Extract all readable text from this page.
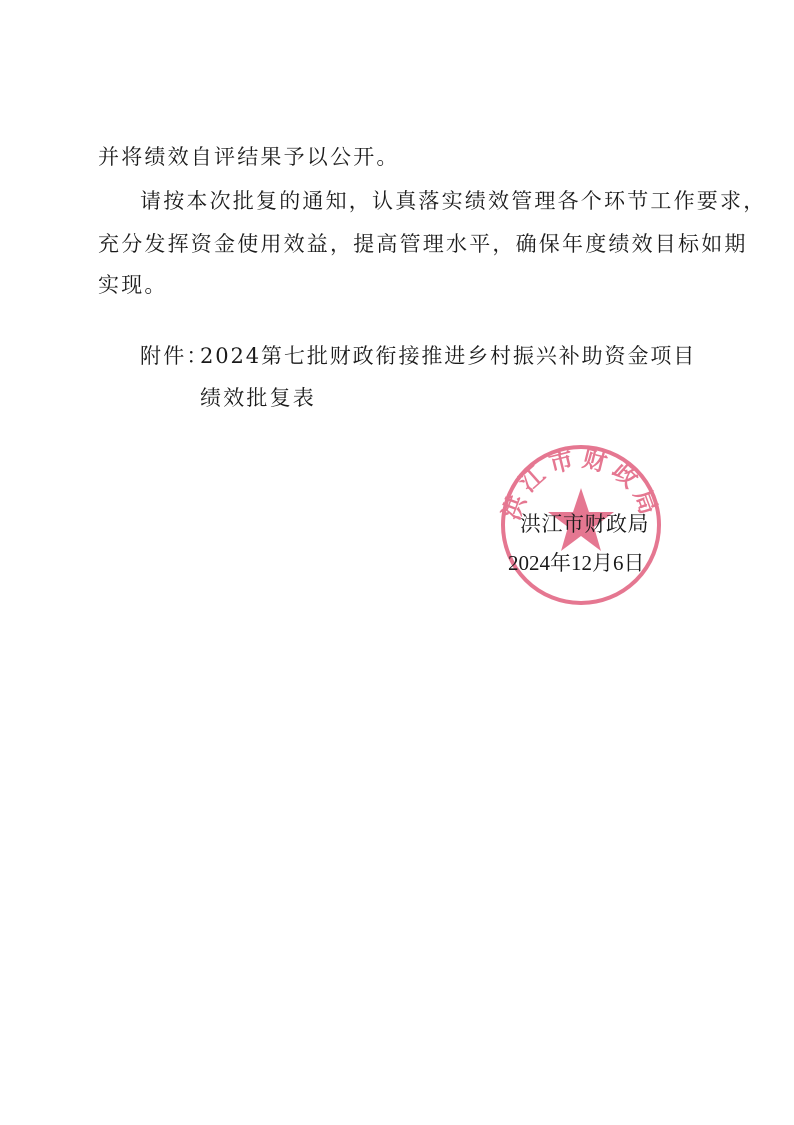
并将绩效自评结果予以公开。
请按本次批复的通知，认真落实绩效管理各个环节工作要求，
充分发挥资金使用效益，提高管理水平，确保年度绩效目标如期
实现。
附件：
2024第七批财政衔接推进乡村振兴补助资金项目
绩效批复表
洪江市财政局
洪江市财政局
2024年12月6日
